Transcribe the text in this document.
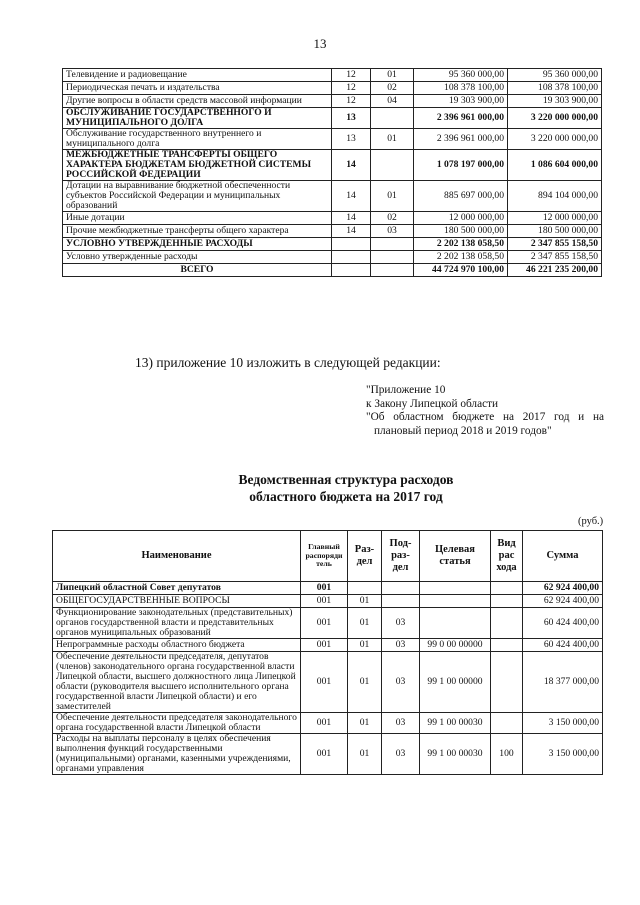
13
Телевидение и радиовещание	12	01	95 360 000,00	95 360 000,00
Периодическая печать и издательства	12	02	108 378 100,00	108 378 100,00
Другие вопросы в области средств массовой информации	12	04	19 303 900,00	19 303 900,00
ОБСЛУЖИВАНИЕ ГОСУДАРСТВЕННОГО И МУНИЦИПАЛЬНОГО ДОЛГА	13		2 396 961 000,00	3 220 000 000,00
Обслуживание государственного внутреннего и муниципального долга	13	01	2 396 961 000,00	3 220 000 000,00
МЕЖБЮДЖЕТНЫЕ ТРАНСФЕРТЫ ОБЩЕГО ХАРАКТЕРА БЮДЖЕТАМ БЮДЖЕТНОЙ СИСТЕМЫ РОССИЙСКОЙ ФЕДЕРАЦИИ	14		1 078 197 000,00	1 086 604 000,00
Дотации на выравнивание бюджетной обеспеченности субъектов Российской Федерации и муниципальных образований	14	01	885 697 000,00	894 104 000,00
Иные дотации	14	02	12 000 000,00	12 000 000,00
Прочие межбюджетные трансферты общего характера	14	03	180 500 000,00	180 500 000,00
УСЛОВНО УТВЕРЖДЕННЫЕ РАСХОДЫ			2 202 138 058,50	2 347 855 158,50
Условно утвержденные расходы			2 202 138 058,50	2 347 855 158,50
ВСЕГО			44 724 970 100,00	46 221 235 200,00
13) приложение 10 изложить в следующей редакции:
"Приложение 10
к Закону Липецкой области
"Об областном бюджете на 2017 год и на
плановый период 2018 и 2019 годов"
Ведомственная структура расходов
областного бюджета на 2017 год
(руб.)
Наименование	Главный распоряди тель	Раз- дел	Под- раз- дел	Целевая статья	Вид рас хода	Сумма
Липецкий областной Совет депутатов	001					62 924 400,00
ОБЩЕГОСУДАРСТВЕННЫЕ ВОПРОСЫ	001	01				62 924 400,00
Функционирование законодательных (представительных) органов государственной власти и представительных органов муниципальных образований	001	01	03			60 424 400,00
Непрограммные расходы областного бюджета	001	01	03	99 0 00 00000		60 424 400,00
Обеспечение деятельности председателя, депутатов (членов) законодательного органа государственной власти Липецкой области, высшего должностного лица Липецкой области (руководителя высшего исполнительного органа государственной власти Липецкой области) и его заместителей	001	01	03	99 1 00 00000		18 377 000,00
Обеспечение деятельности председателя законодательного органа государственной власти Липецкой области	001	01	03	99 1 00 00030		3 150 000,00
Расходы на выплаты персоналу в целях обеспечения выполнения функций государственными (муниципальными) органами, казенными учреждениями, органами управления	001	01	03	99 1 00 00030	100	3 150 000,00
